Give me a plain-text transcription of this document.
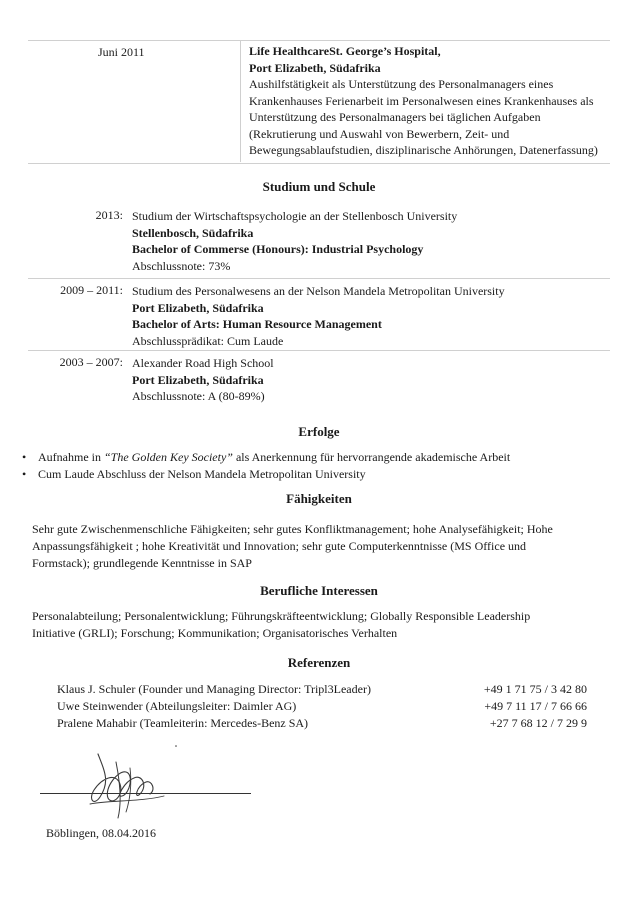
Juni 2011	Life HealthcareSt. George’s Hospital,
Port Elizabeth, Südafrika
Aushilfstätigkeit als Unterstützung des Personalmanagers eines
Krankenhauses Ferienarbeit im Personalwesen eines Krankenhauses als
Unterstützung des Personalmanagers bei täglichen Aufgaben
(Rekrutierung und Auswahl von Bewerbern, Zeit- und
Bewegungsablaufstudien, disziplinarische Anhörungen, Datenerfassung)
Studium und Schule
2013: Studium der Wirtschaftspsychologie an der Stellenbosch University
Stellenbosch, Südafrika
Bachelor of Commerse (Honours): Industrial Psychology
Abschlussnote: 73%
2009 – 2011: Studium des Personalwesens an der Nelson Mandela Metropolitan University
Port Elizabeth, Südafrika
Bachelor of Arts: Human Resource Management
Abschlussprädikat: Cum Laude
2003 – 2007: Alexander Road High School
Port Elizabeth, Südafrika
Abschlussnote: A (80-89%)
Erfolge
• Aufnahme in “The Golden Key Society” als Anerkennung für hervorrangende akademische Arbeit
• Cum Laude Abschluss der Nelson Mandela Metropolitan University
Fähigkeiten
Sehr gute Zwischenmenschliche Fähigkeiten; sehr gutes Konfliktmanagement; hohe Analysefähigkeit; Hohe
Anpassungsfähigkeit ; hohe Kreativität und Innovation; sehr gute Computerkenntnisse (MS Office und
Formstack); grundlegende Kenntnisse in SAP
Berufliche Interessen
Personalabteilung; Personalentwicklung; Führungskräfteentwicklung; Globally Responsible Leadership
Initiative (GRLI); Forschung; Kommunikation; Organisatorisches Verhalten
Referenzen
Klaus J. Schuler (Founder und Managing Director: Tripl3Leader)	+49 1 71 75 / 3 42 80
Uwe Steinwender (Abteilungsleiter: Daimler AG)	+49 7 11 17 / 7 66 66
Pralene Mahabir (Teamleiterin: Mercedes-Benz SA)	+27 7 68 12 / 7 29 9
Böblingen, 08.04.2016
